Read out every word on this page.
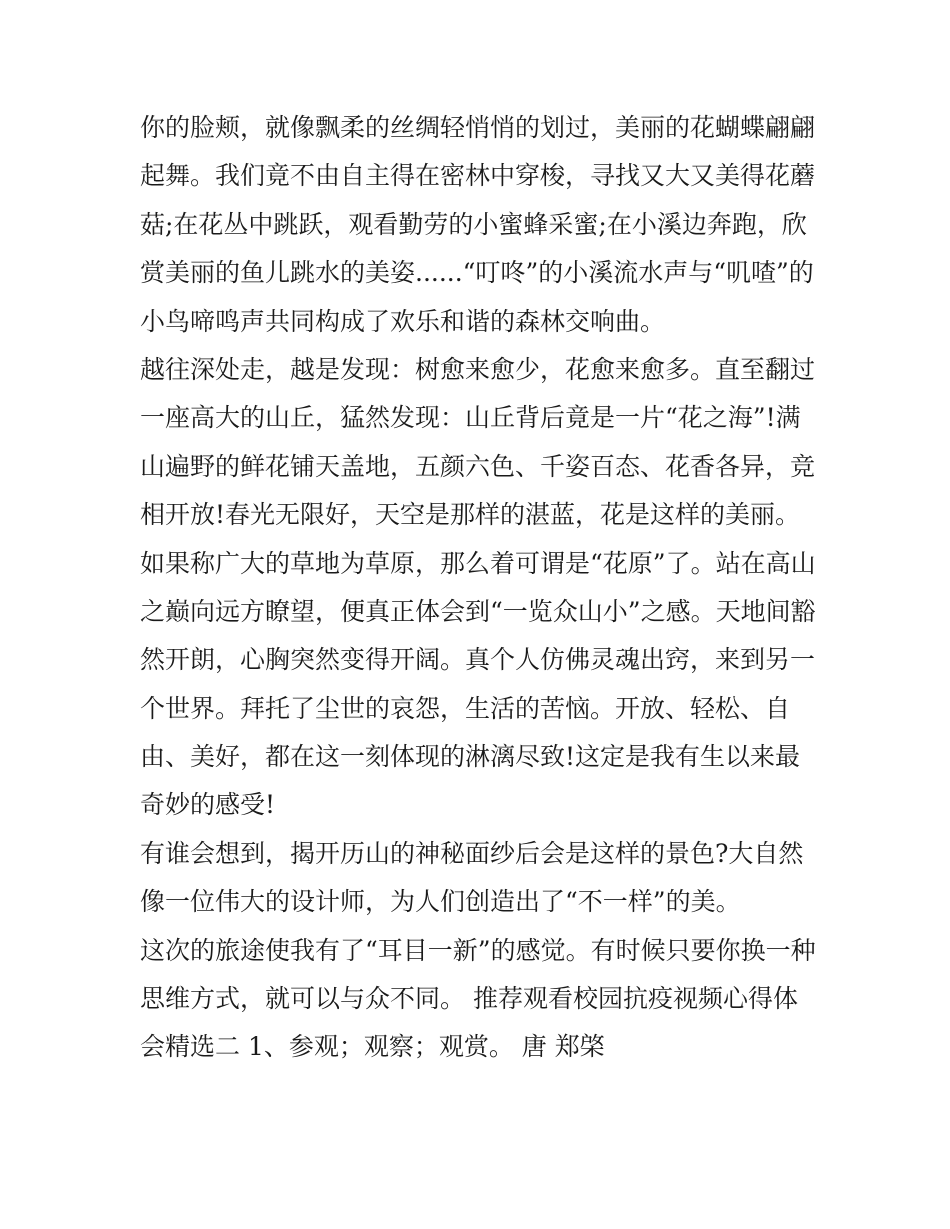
你的脸颊，就像飘柔的丝绸轻悄悄的划过，美丽的花蝴蝶翩翩
起舞。我们竟不由自主得在密林中穿梭，寻找又大又美得花蘑
菇;在花丛中跳跃，观看勤劳的小蜜蜂采蜜;在小溪边奔跑，欣
赏美丽的鱼儿跳水的美姿......“叮咚”的小溪流水声与“叽喳”的
小鸟啼鸣声共同构成了欢乐和谐的森林交响曲。
越往深处走，越是发现：树愈来愈少，花愈来愈多。直至翻过
一座高大的山丘，猛然发现：山丘背后竟是一片“花之海”!满
山遍野的鲜花铺天盖地，五颜六色、千姿百态、花香各异，竞
相开放!春光无限好，天空是那样的湛蓝，花是这样的美丽。
如果称广大的草地为草原，那么着可谓是“花原”了。站在高山
之巅向远方瞭望，便真正体会到“一览众山小”之感。天地间豁
然开朗，心胸突然变得开阔。真个人仿佛灵魂出窍，来到另一
个世界。拜托了尘世的哀怨，生活的苦恼。开放、轻松、自
由、美好，都在这一刻体现的淋漓尽致!这定是我有生以来最
奇妙的感受!
有谁会想到，揭开历山的神秘面纱后会是这样的景色?大自然
像一位伟大的设计师，为人们创造出了“不一样”的美。
这次的旅途使我有了“耳目一新”的感觉。有时候只要你换一种
思维方式，就可以与众不同。 推荐观看校园抗疫视频心得体
会精选二 1、参观；观察；观赏。 唐 郑棨
